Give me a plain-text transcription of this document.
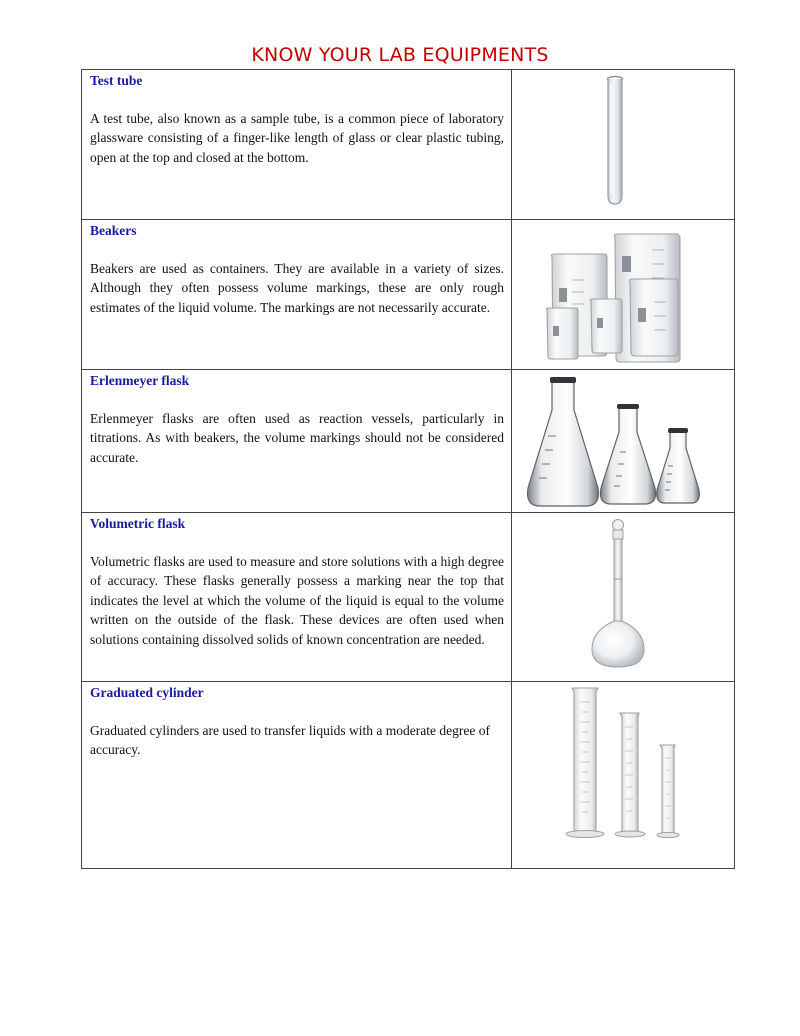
KNOW YOUR LAB EQUIPMENTS
Test tube
A test tube, also known as a sample tube, is a common piece of laboratory glassware consisting of a finger-like length of glass or clear plastic tubing, open at the top and closed at the bottom.

Beakers
Beakers are used as containers. They are available in a variety of sizes. Although they often possess volume markings, these are only rough estimates of the liquid volume. The markings are not necessarily accurate.

Erlenmeyer flask
Erlenmeyer flasks are often used as reaction vessels, particularly in titrations. As with beakers, the volume markings should not be considered accurate.

Volumetric flask
Volumetric flasks are used to measure and store solutions with a high degree of accuracy. These flasks generally possess a marking near the top that indicates the level at which the volume of the liquid is equal to the volume written on the outside of the flask. These devices are often used when solutions containing dissolved solids of known concentration are needed.

Graduated cylinder
Graduated cylinders are used to transfer liquids with a moderate degree of accuracy.
